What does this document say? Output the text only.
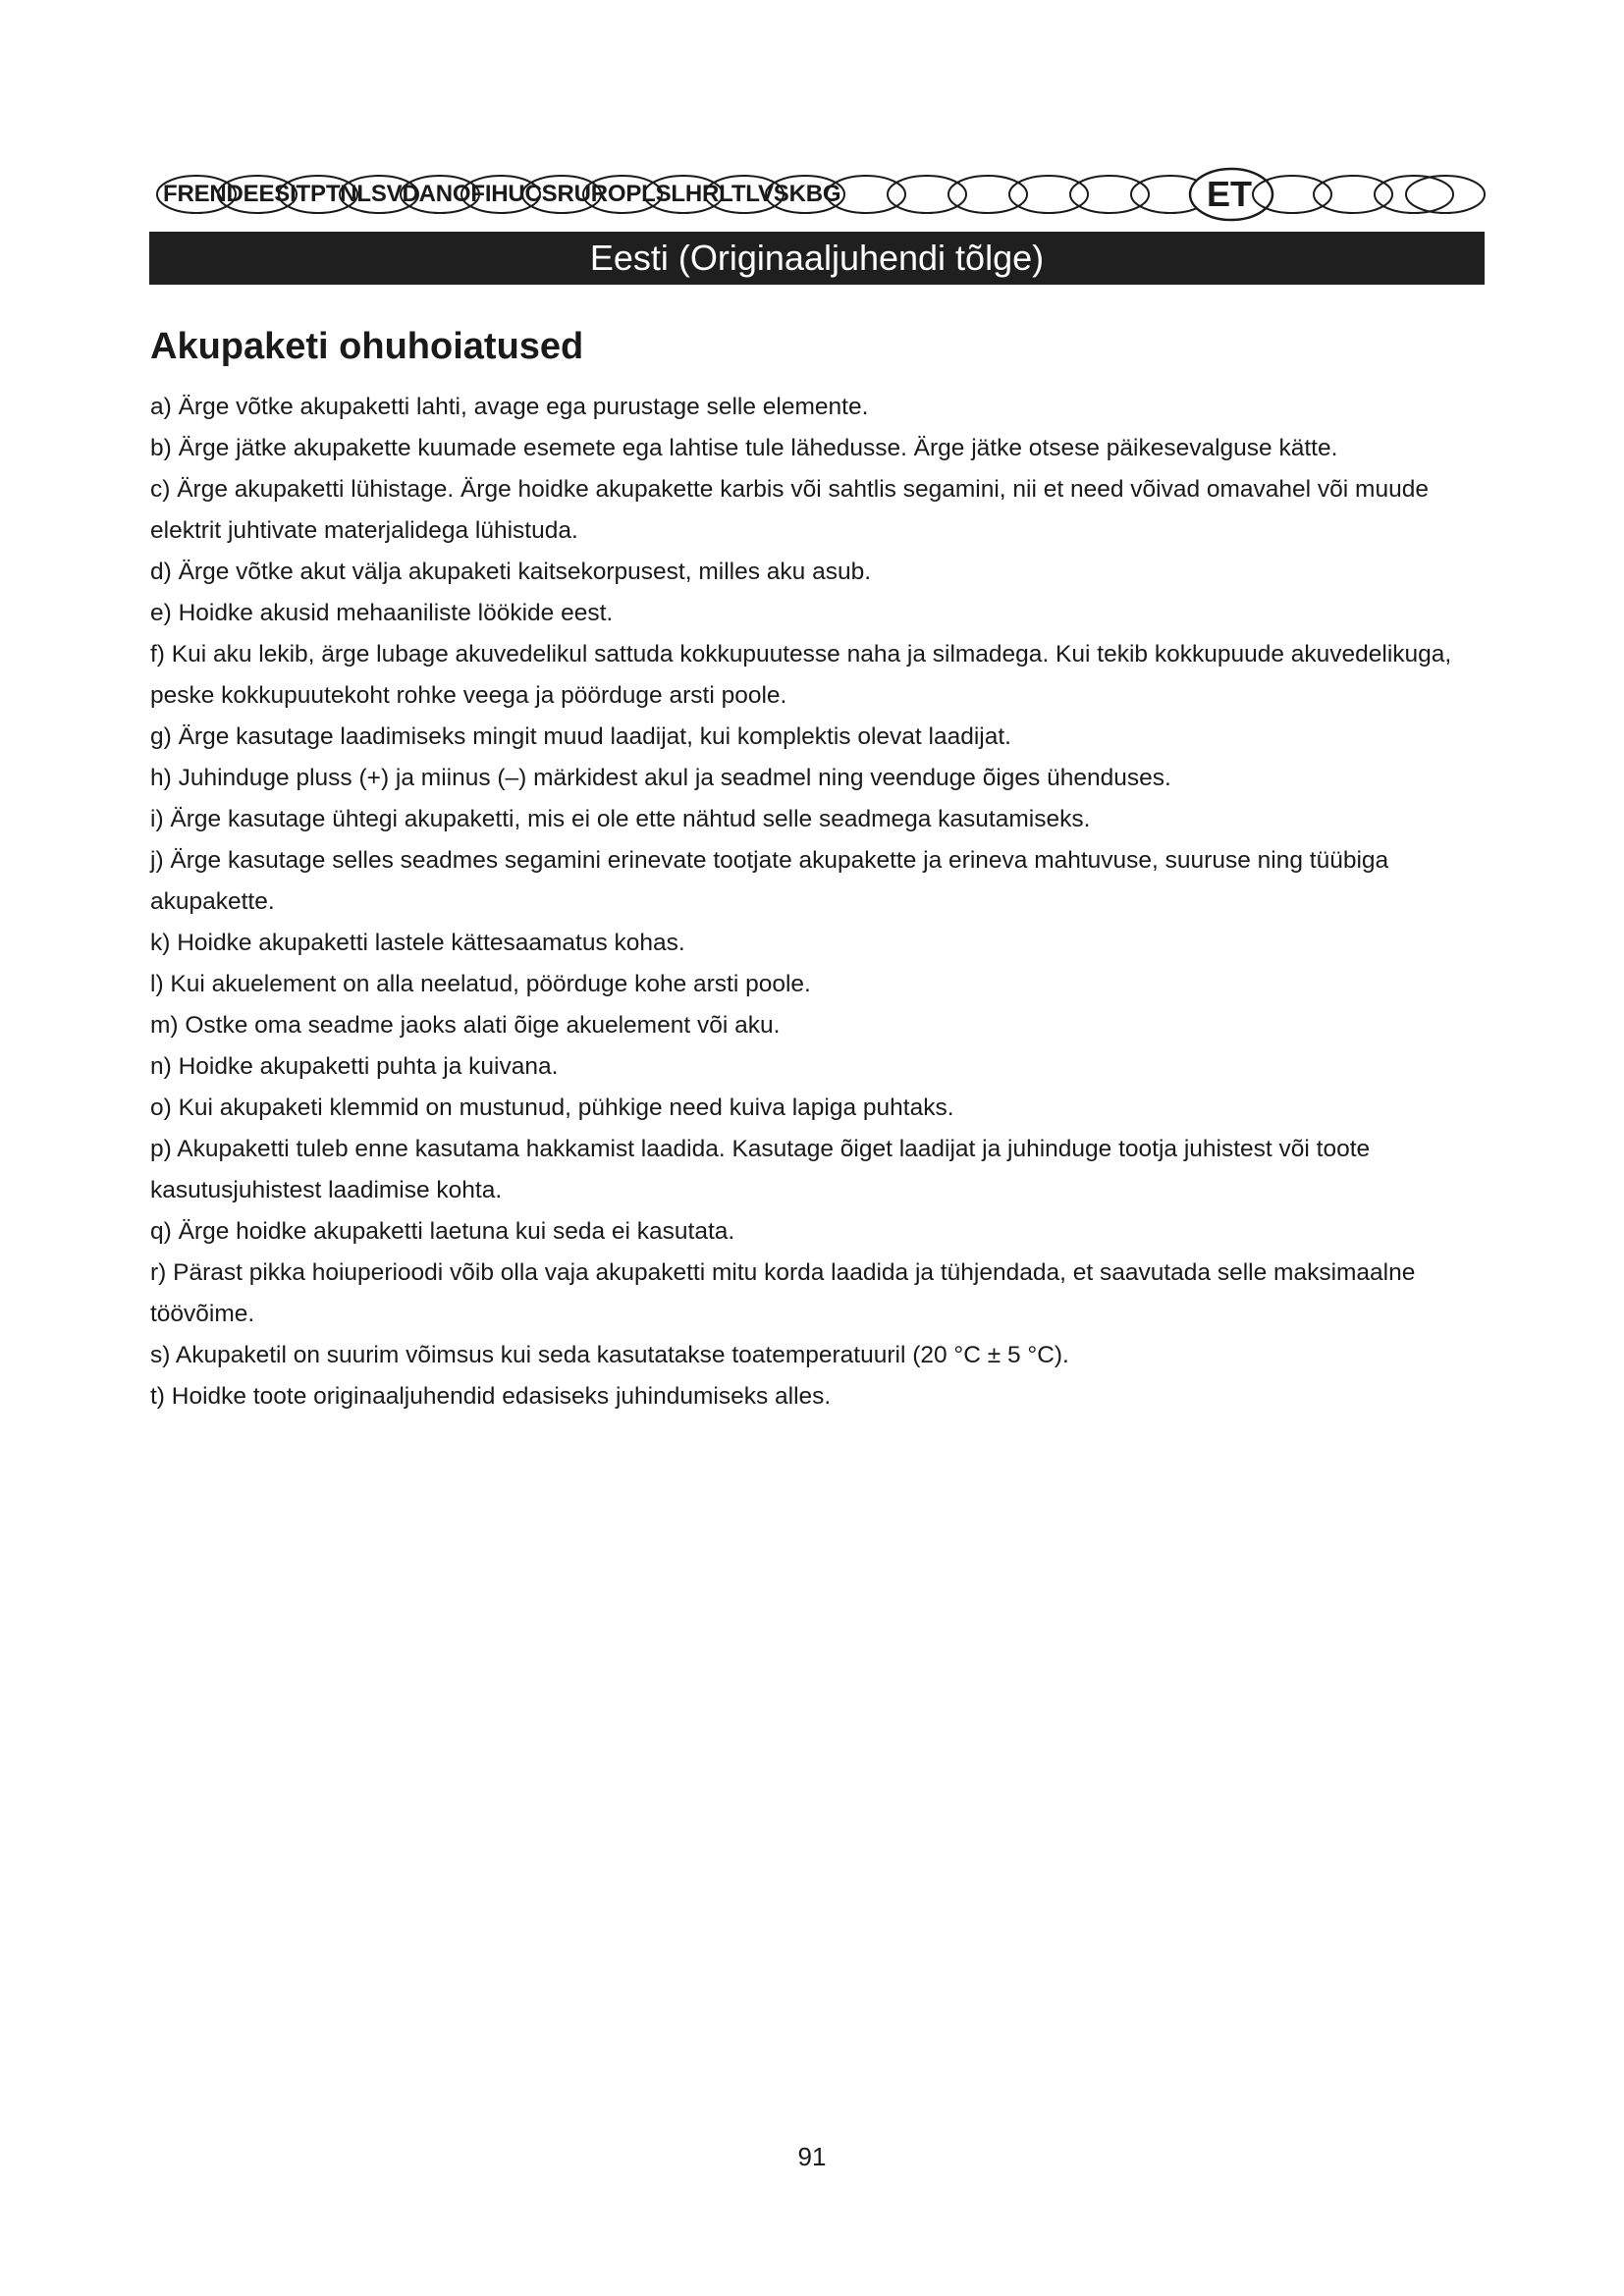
FRENDEESITPTNLSVDANOFIHUCSRUROPLSLHRLTLVSKBG	ET
Eesti (Originaaljuhendi tõlge)
Akupaketi ohuhoiatused
a) Ärge võtke akupaketti lahti, avage ega purustage selle elemente.
b) Ärge jätke akupakette kuumade esemete ega lahtise tule lähedusse. Ärge jätke otsese päikesevalguse kätte.
c) Ärge akupaketti lühistage. Ärge hoidke akupakette karbis või sahtlis segamini, nii et need võivad omavahel või muude elektrit juhtivate materjalidega lühistuda.
d) Ärge võtke akut välja akupaketi kaitsekorpusest, milles aku asub.
e) Hoidke akusid mehaaniliste löökide eest.
f) Kui aku lekib, ärge lubage akuvedelikul sattuda kokkupuutesse naha ja silmadega. Kui tekib kokkupuude akuvedelikuga, peske kokkupuutekoht rohke veega ja pöörduge arsti poole.
g) Ärge kasutage laadimiseks mingit muud laadijat, kui komplektis olevat laadijat.
h) Juhinduge pluss (+) ja miinus (–) märkidest akul ja seadmel ning veenduge õiges ühenduses.
i) Ärge kasutage ühtegi akupaketti, mis ei ole ette nähtud selle seadmega kasutamiseks.
j) Ärge kasutage selles seadmes segamini erinevate tootjate akupakette ja erineva mahtuvuse, suuruse ning tüübiga akupakette.
k) Hoidke akupaketti lastele kättesaamatus kohas.
l) Kui akuelement on alla neelatud, pöörduge kohe arsti poole.
m) Ostke oma seadme jaoks alati õige akuelement või aku.
n) Hoidke akupaketti puhta ja kuivana.
o) Kui akupaketi klemmid on mustunud, pühkige need kuiva lapiga puhtaks.
p) Akupaketti tuleb enne kasutama hakkamist laadida. Kasutage õiget laadijat ja juhinduge tootja juhistest või toote kasutusjuhistest laadimise kohta.
q) Ärge hoidke akupaketti laetuna kui seda ei kasutata.
r) Pärast pikka hoiuperioodi võib olla vaja akupaketti mitu korda laadida ja tühjendada, et saavutada selle maksimaalne töövõime.
s) Akupaketil on suurim võimsus kui seda kasutatakse toatemperatuuril (20 °C ± 5 °C).
t) Hoidke toote originaaljuhendid edasiseks juhindumiseks alles.
91
